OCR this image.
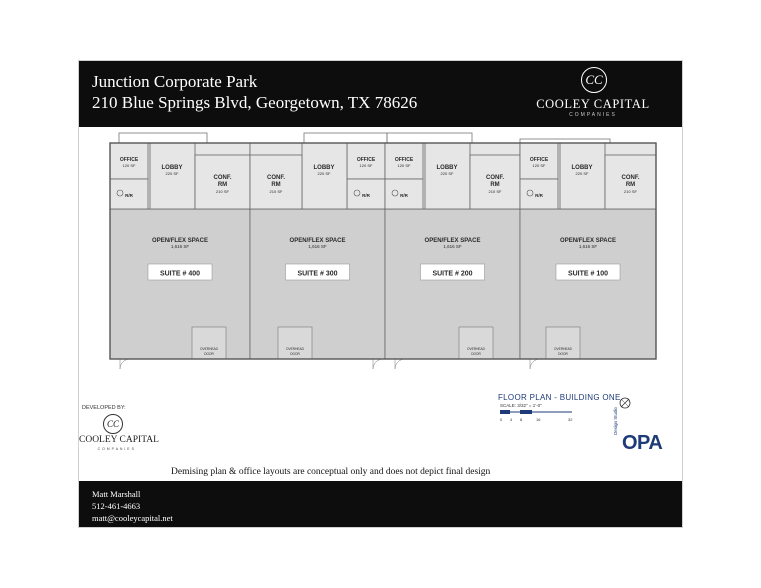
Junction Corporate Park
210 Blue Springs Blvd, Georgetown, TX 78626
CC
COOLEY CAPITAL
COMPANIES
OFFICE
120 SF
R/R
LOBBY
220 SF
CONF.
RM
210 SF
OPEN/FLEX SPACE
1,616 SF
SUITE # 400
OVERHEAD
DOOR
OFFICE
120 SF
R/R
LOBBY
220 SF
CONF.
RM
210 SF
OPEN/FLEX SPACE
1,616 SF
SUITE # 300
OVERHEAD
DOOR
OFFICE
120 SF
R/R
LOBBY
220 SF
CONF.
RM
210 SF
OPEN/FLEX SPACE
1,616 SF
SUITE # 200
OVERHEAD
DOOR
OFFICE
120 SF
R/R
LOBBY
220 SF
CONF.
RM
210 SF
OPEN/FLEX SPACE
1,616 SF
SUITE # 100
OVERHEAD
DOOR
DEVELOPED BY:
CC
COOLEY CAPITAL
C O M P A N I E S
FLOOR PLAN - BUILDING ONE
SCALE: 3/32" = 1'-0"
0 4 8	16	32	Design Studio
OPA
Demising plan & office layouts are conceptual only and does not depict final design
Matt Marshall
512-461-4663
matt@cooleycapital.net
